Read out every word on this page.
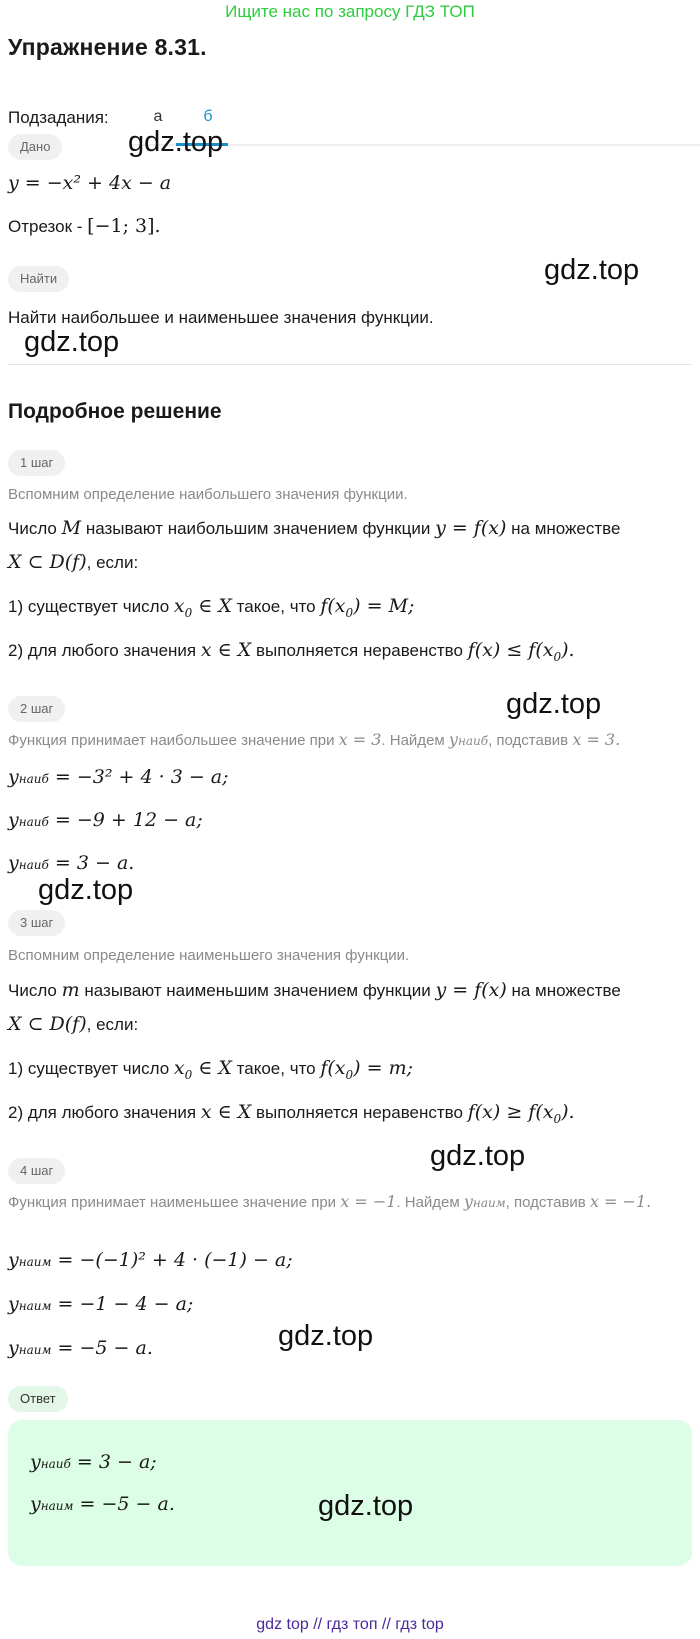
Ищите нас по запросу ГДЗ ТОП
Упражнение 8.31.
Подзадания:	а	б
Дано	gdz.top
y = −x² + 4x − a
Отрезок - [−1; 3].
Найти	gdz.top
Найти наибольшее и наименьшее значения функции.
gdz.top
Подробное решение
1 шаг
Вспомним определение наибольшего значения функции.
Число M называют наибольшим значением функции y = f(x) на множестве
X ⊂ D(f), если:
1) существует число $x_0$ ∈ X такое, что $f(x_0) = M$;
2) для любого значения x ∈ X выполняется неравенство $f(x) \le f(x_0)$.
2 шаг	gdz.top
Функция принимает наибольшее значение при x = 3. Найдем yнаиб, подставив x = 3.
yнаиб = −3² + 4 · 3 − a;
yнаиб = −9 + 12 − a;
yнаиб = 3 − a.
gdz.top
3 шаг
Вспомним определение наименьшего значения функции.
Число m называют наименьшим значением функции y = f(x) на множестве
X ⊂ D(f), если:
1) существует число $x_0$ ∈ X такое, что $f(x_0) = m$;
2) для любого значения x ∈ X выполняется неравенство $f(x) \ge f(x_0)$.
4 шаг	gdz.top
Функция принимает наименьшее значение при x = −1. Найдем yнаим, подставив x = −1.
yнаим = −(−1)² + 4 · (−1) − a;
yнаим = −1 − 4 − a;
yнаим = −5 − a.	gdz.top
Ответ
yнаиб = 3 − a;
yнаим = −5 − a.	gdz.top
gdz top // гдз топ // гдз top
